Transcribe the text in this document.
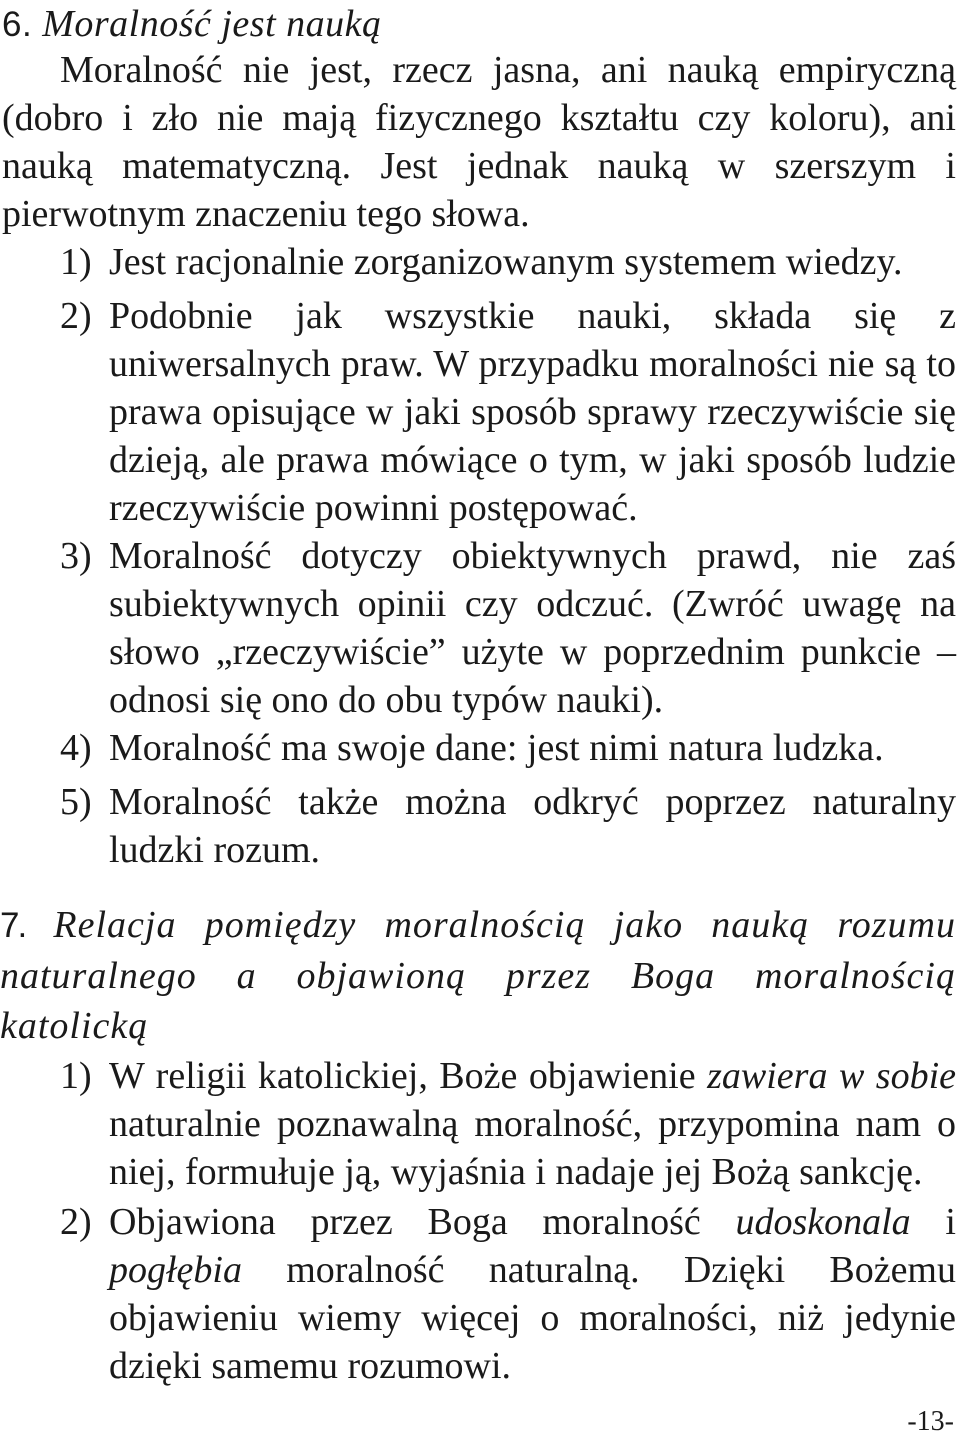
6. Moralność jest nauką
Moralność nie jest, rzecz jasna, ani nauką empiryczną (dobro i zło nie mają fizycznego kształtu czy koloru), ani nauką matematyczną. Jest jednak nauką w szerszym i pierwotnym znaczeniu tego słowa.
1) Jest racjonalnie zorganizowanym systemem wiedzy.
2) Podobnie jak wszystkie nauki, składa się z uniwersalnych praw. W przypadku moralności nie są to prawa opisujące w jaki sposób sprawy rzeczywiście się dzieją, ale prawa mówiące o tym, w jaki sposób ludzie rzeczywiście powinni postępować.
3) Moralność dotyczy obiektywnych prawd, nie zaś subiektywnych opinii czy odczuć. (Zwróć uwagę na słowo „rzeczywiście” użyte w poprzednim punkcie – odnosi się ono do obu typów nauki).
4) Moralność ma swoje dane: jest nimi natura ludzka.
5) Moralność także można odkryć poprzez naturalny ludzki rozum.
7. Relacja pomiędzy moralnością jako nauką rozumu naturalnego a objawioną przez Boga moralnością katolicką
1) W religii katolickiej, Boże objawienie zawiera w sobie naturalnie poznawalną moralność, przypomina nam o niej, formułuje ją, wyjaśnia i nadaje jej Bożą sankcję.
2) Objawiona przez Boga moralność udoskonala i pogłębia moralność naturalną. Dzięki Bożemu objawieniu wiemy więcej o moralności, niż jedynie dzięki samemu rozumowi.
-13-
